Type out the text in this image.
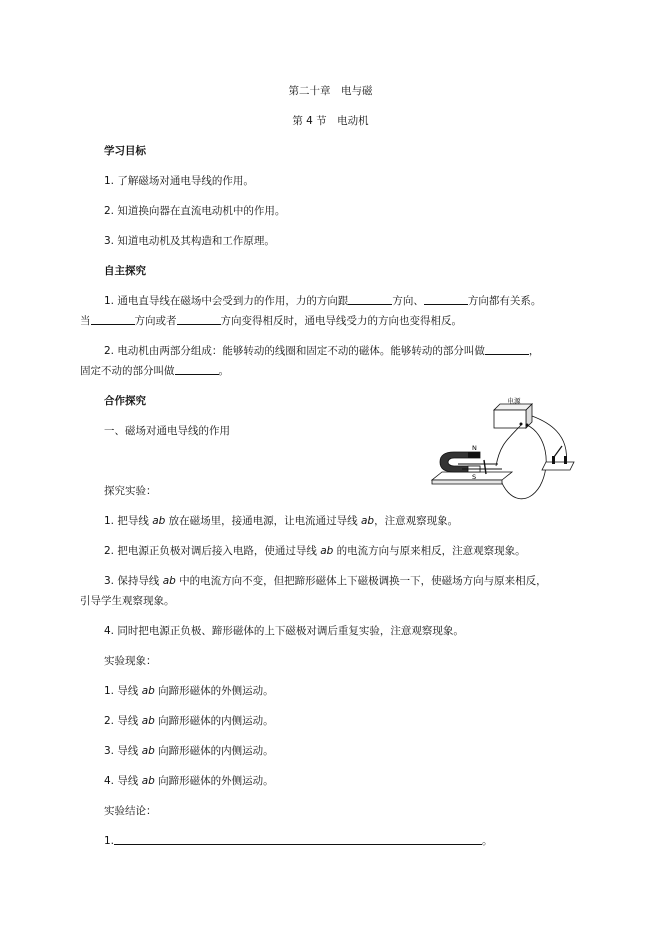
第二十章　电与磁
第 4 节　电动机
学习目标
1. 了解磁场对通电导线的作用。
2. 知道换向器在直流电动机中的作用。
3. 知道电动机及其构造和工作原理。
自主探究
1. 通电直导线在磁场中会受到力的作用，力的方向跟	方向、	方向都有关系。
当	方向或者	方向变得相反时，通电导线受力的方向也变得相反。
2. 电动机由两部分组成：能够转动的线圈和固定不动的磁体。能够转动的部分叫做	，
固定不动的部分叫做	。
合作探究
一、磁场对通电导线的作用
电源
N
S
探究实验：
1. 把导线 ab 放在磁场里，接通电源，让电流通过导线 ab，注意观察现象。
2. 把电源正负极对调后接入电路，使通过导线 ab 的电流方向与原来相反，注意观察现象。
3. 保持导线 ab 中的电流方向不变，但把蹄形磁体上下磁极调换一下，使磁场方向与原来相反，
引导学生观察现象。
4. 同时把电源正负极、蹄形磁体的上下磁极对调后重复实验，注意观察现象。
实验现象：
1. 导线 ab 向蹄形磁体的外侧运动。
2. 导线 ab 向蹄形磁体的内侧运动。
3. 导线 ab 向蹄形磁体的内侧运动。
4. 导线 ab 向蹄形磁体的外侧运动。
实验结论：
1.	。
